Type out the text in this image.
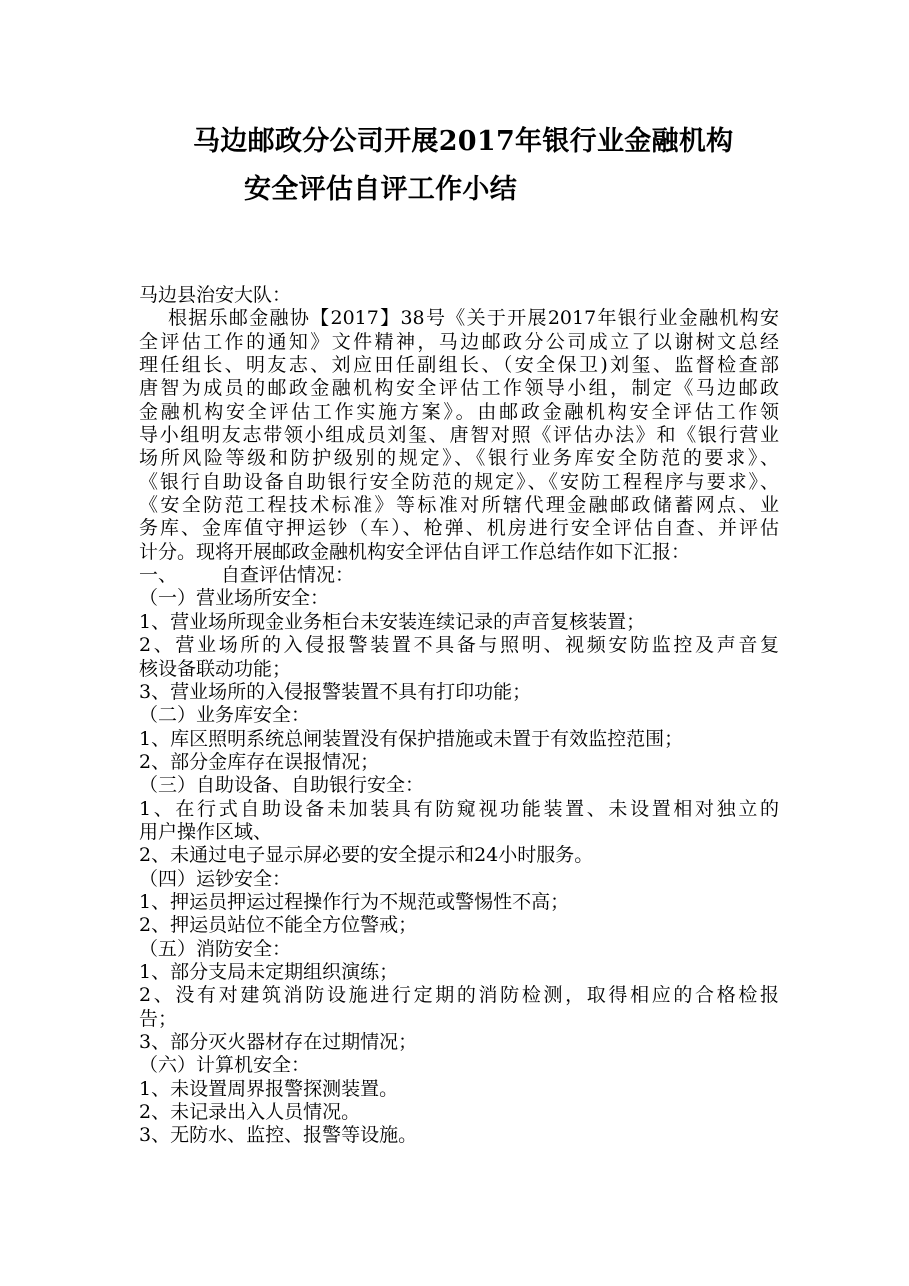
马边邮政分公司开展2017年银行业金融机构
安全评估自评工作小结
马边县治安大队：
根据乐邮金融协【2017】38号《关于开展2017年银行业金融机构安
全评估工作的通知》文件精神，马边邮政分公司成立了以谢树文总经
理任组长、明友志、刘应田任副组长、（安全保卫)刘玺、监督检查部
唐智为成员的邮政金融机构安全评估工作领导小组，制定《马边邮政
金融机构安全评估工作实施方案》。由邮政金融机构安全评估工作领
导小组明友志带领小组成员刘玺、唐智对照《评估办法》和《银行营业
场所风险等级和防护级别的规定》、《银行业务库安全防范的要求》、
《银行自助设备自助银行安全防范的规定》、《安防工程程序与要求》、
《安全防范工程技术标准》等标准对所辖代理金融邮政储蓄网点、业
务库、金库值守押运钞（车）、枪弹、机房进行安全评估自查、并评估
计分。现将开展邮政金融机构安全评估自评工作总结作如下汇报：
一、 自查评估情况：
（一）营业场所安全：
1、营业场所现金业务柜台未安装连续记录的声音复核装置；
2、营业场所的入侵报警装置不具备与照明、视频安防监控及声音复
核设备联动功能；
3、营业场所的入侵报警装置不具有打印功能；
（二）业务库安全：
1、库区照明系统总闸装置没有保护措施或未置于有效监控范围；
2、部分金库存在误报情况；
（三）自助设备、自助银行安全：
1、在行式自助设备未加装具有防窥视功能装置、未设置相对独立的
用户操作区域、
2、未通过电子显示屏必要的安全提示和24小时服务。
（四）运钞安全：
1、押运员押运过程操作行为不规范或警惕性不高；
2、押运员站位不能全方位警戒；
（五）消防安全：
1、部分支局未定期组织演练；
2、没有对建筑消防设施进行定期的消防检测，取得相应的合格检报
告；
3、部分灭火器材存在过期情况；
（六）计算机安全：
1、未设置周界报警探测装置。
2、未记录出入人员情况。
3、无防水、监控、报警等设施。
